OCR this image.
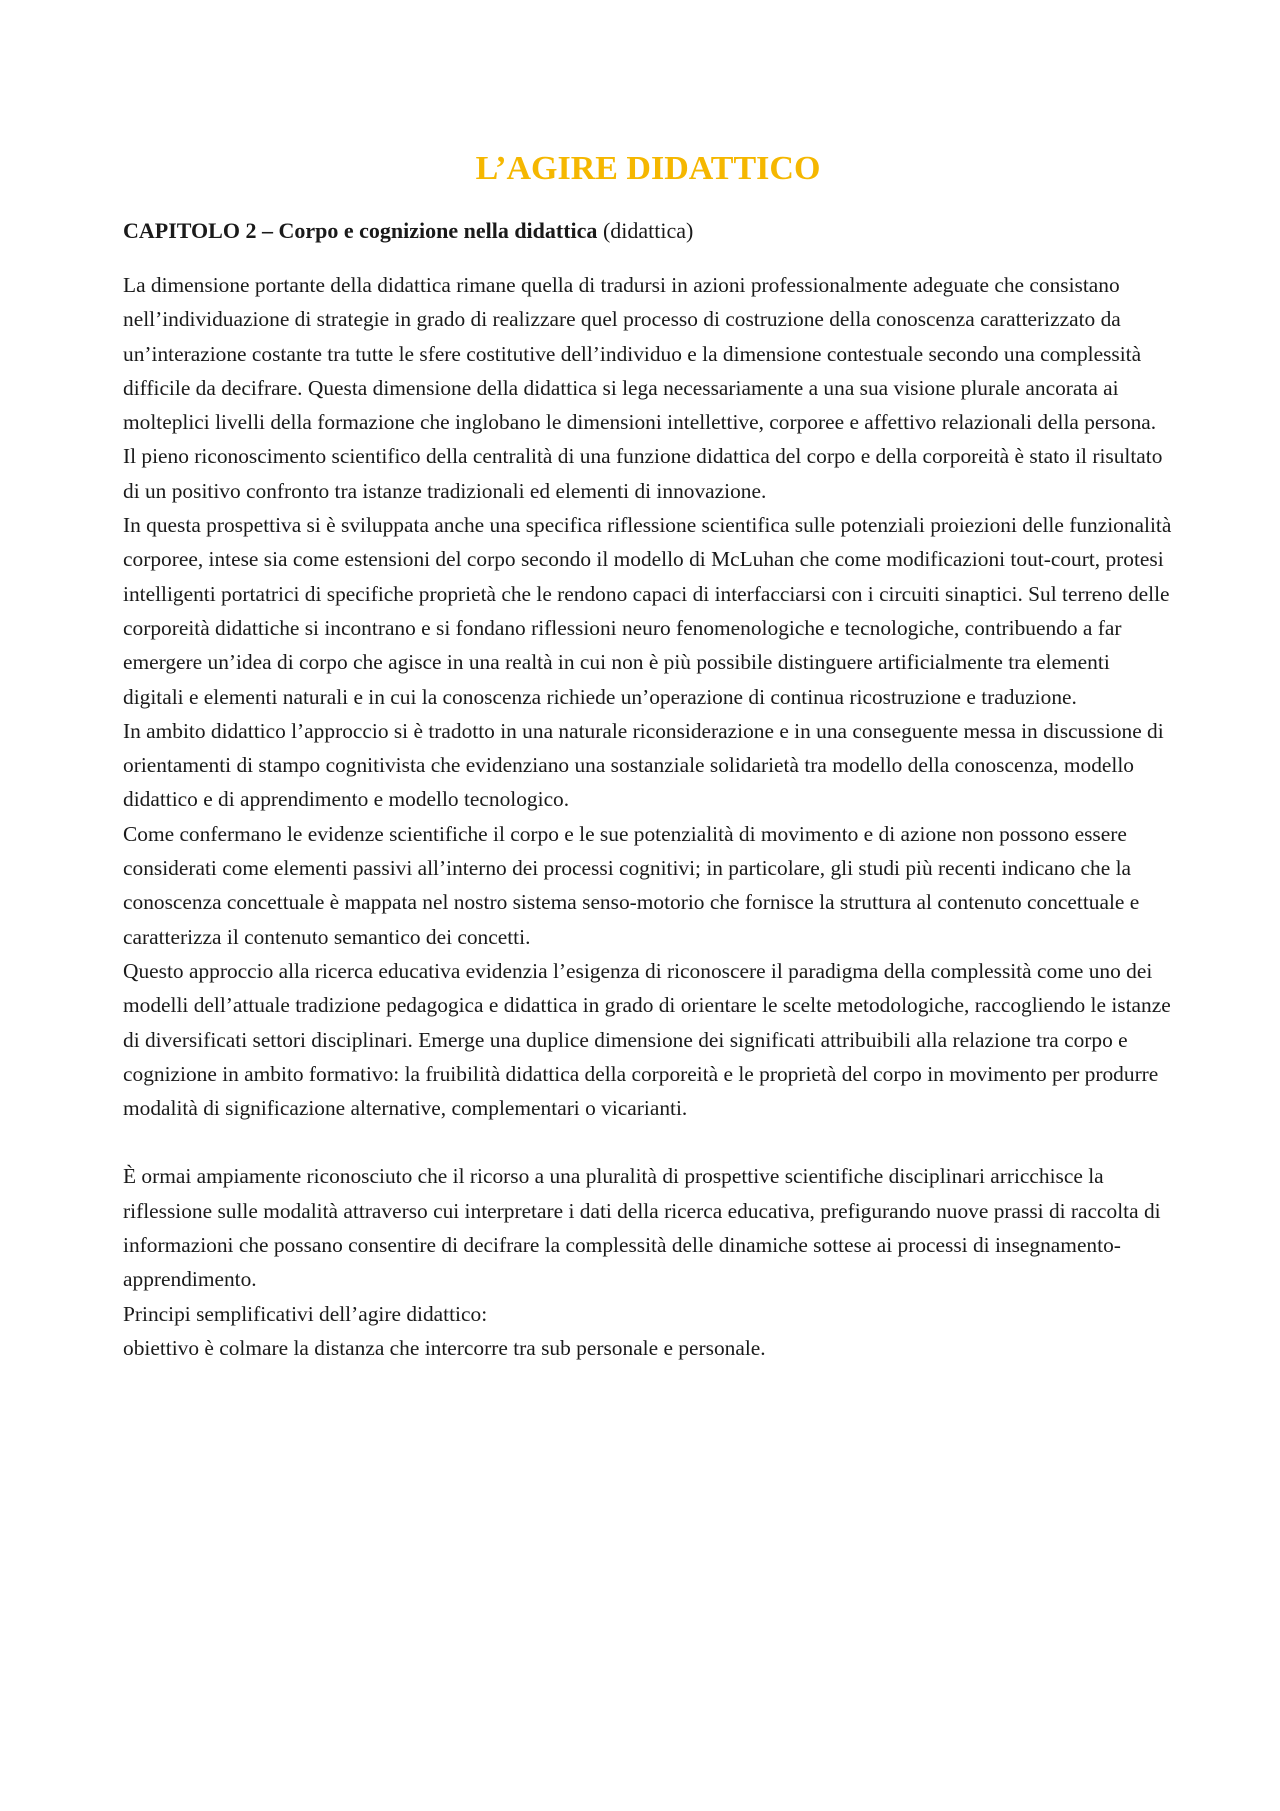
L’AGIRE DIDATTICO
CAPITOLO 2 – Corpo e cognizione nella didattica (didattica)

La dimensione portante della didattica rimane quella di tradursi in azioni professionalmente adeguate che consistano nell’individuazione di strategie in grado di realizzare quel processo di costruzione della conoscenza caratterizzato da un’interazione costante tra tutte le sfere costitutive dell’individuo e la dimensione contestuale secondo una complessità difficile da decifrare. Questa dimensione della didattica si lega necessariamente a una sua visione plurale ancorata ai molteplici livelli della formazione che inglobano le dimensioni intellettive, corporee e affettivo relazionali della persona.

Il pieno riconoscimento scientifico della centralità di una funzione didattica del corpo e della corporeità è stato il risultato di un positivo confronto tra istanze tradizionali ed elementi di innovazione.

In questa prospettiva si è sviluppata anche una specifica riflessione scientifica sulle potenziali proiezioni delle funzionalità corporee, intese sia come estensioni del corpo secondo il modello di McLuhan che come modificazioni tout-court, protesi intelligenti portatrici di specifiche proprietà che le rendono capaci di interfacciarsi con i circuiti sinaptici. Sul terreno delle corporeità didattiche si incontrano e si fondano riflessioni neuro fenomenologiche e tecnologiche, contribuendo a far emergere un’idea di corpo che agisce in una realtà in cui non è più possibile distinguere artificialmente tra elementi digitali e elementi naturali e in cui la conoscenza richiede un’operazione di continua ricostruzione e traduzione.

In ambito didattico l’approccio si è tradotto in una naturale riconsiderazione e in una conseguente messa in discussione di orientamenti di stampo cognitivista che evidenziano una sostanziale solidarietà tra modello della conoscenza, modello didattico e di apprendimento e modello tecnologico.

Come confermano le evidenze scientifiche il corpo e le sue potenzialità di movimento e di azione non possono essere considerati come elementi passivi all’interno dei processi cognitivi; in particolare, gli studi più recenti indicano che la conoscenza concettuale è mappata nel nostro sistema senso-motorio che fornisce la struttura al contenuto concettuale e caratterizza il contenuto semantico dei concetti.

Questo approccio alla ricerca educativa evidenzia l’esigenza di riconoscere il paradigma della complessità come uno dei modelli dell’attuale tradizione pedagogica e didattica in grado di orientare le scelte metodologiche, raccogliendo le istanze di diversificati settori disciplinari. Emerge una duplice dimensione dei significati attribuibili alla relazione tra corpo e cognizione in ambito formativo: la fruibilità didattica della corporeità e le proprietà del corpo in movimento per produrre modalità di significazione alternative, complementari o vicarianti.

È ormai ampiamente riconosciuto che il ricorso a una pluralità di prospettive scientifiche disciplinari arricchisce la riflessione sulle modalità attraverso cui interpretare i dati della ricerca educativa, prefigurando nuove prassi di raccolta di informazioni che possano consentire di decifrare la complessità delle dinamiche sottese ai processi di insegnamento-apprendimento.

Principi semplificativi dell’agire didattico:

obiettivo è colmare la distanza che intercorre tra sub personale e personale.
